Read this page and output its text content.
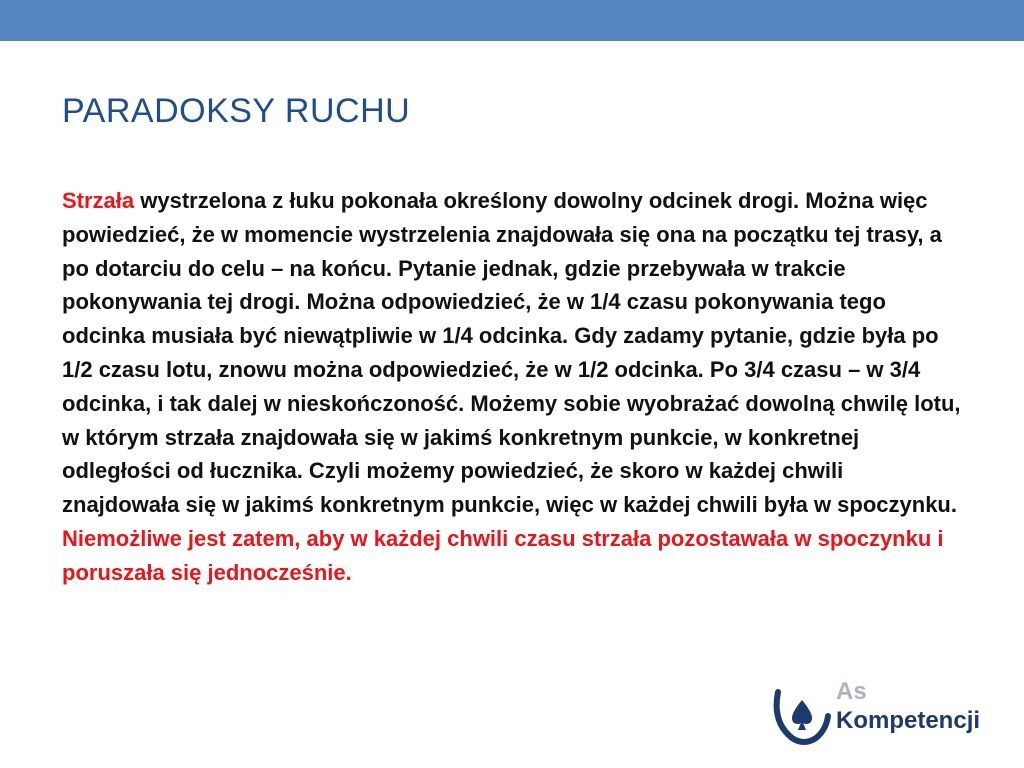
PARADOKSY RUCHU

Strzała wystrzelona z łuku pokonała określony dowolny odcinek drogi. Można więc powiedzieć, że w momencie wystrzelenia znajdowała się ona na początku tej trasy, a po dotarciu do celu – na końcu. Pytanie jednak, gdzie przebywała w trakcie pokonywania tej drogi. Można odpowiedzieć, że w 1/4 czasu pokonywania tego odcinka musiała być niewątpliwie w 1/4 odcinka. Gdy zadamy pytanie, gdzie była po 1/2 czasu lotu, znowu można odpowiedzieć, że w 1/2 odcinka. Po 3/4 czasu – w 3/4 odcinka, i tak dalej w nieskończoność. Możemy sobie wyobrażać dowolną chwilę lotu, w którym strzała znajdowała się w jakimś konkretnym punkcie, w konkretnej odległości od łucznika. Czyli możemy powiedzieć, że skoro w każdej chwili znajdowała się w jakimś konkretnym punkcie, więc w każdej chwili była w spoczynku. Niemożliwe jest zatem, aby w każdej chwili czasu strzała pozostawała w spoczynku i poruszała się jednocześnie.

As
Kompetencji
